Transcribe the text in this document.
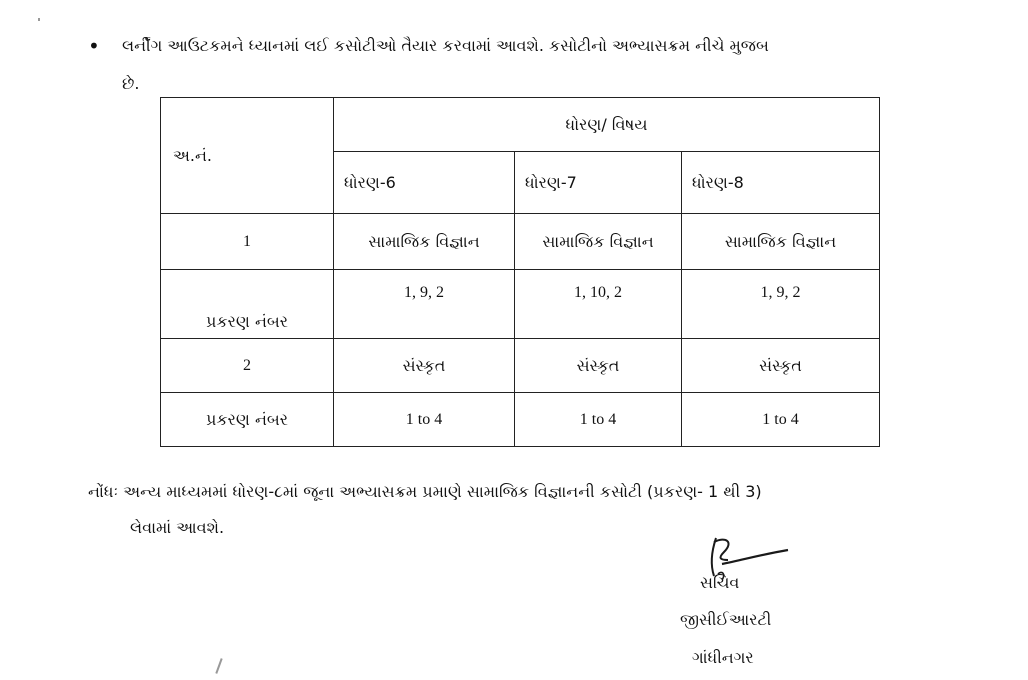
• લર્નીંગ આઉટકમને ધ્યાનમાં લઈ કસોટીઓ તૈયાર કરવામાં આવશે. કસોટીનો અભ્યાસક્રમ નીચે મુજબ
છે.
અ.નં.	ધોરણ/ વિષય		
	ધોરણ-6	ધોરણ-7	ધોરણ-8
1	સામાજિક વિજ્ઞાન	સામાજિક વિજ્ઞાન	સામાજિક વિજ્ઞાન
પ્રકરણ નંબર	1, 9, 2	1, 10, 2	1, 9, 2
2	સંસ્કૃત	સંસ્કૃત	સંસ્કૃત
પ્રકરણ નંબર	1 to 4	1 to 4	1 to 4
નોંધઃ અન્ય માધ્યમમાં ધોરણ-૮માં જૂના અભ્યાસક્રમ પ્રમાણે સામાજિક વિજ્ઞાનની કસોટી (પ્રકરણ- 1 થી 3)
લેવામાં આવશે.
સચિવ
જીસીઈઆરટી
ગાંધીનગર
